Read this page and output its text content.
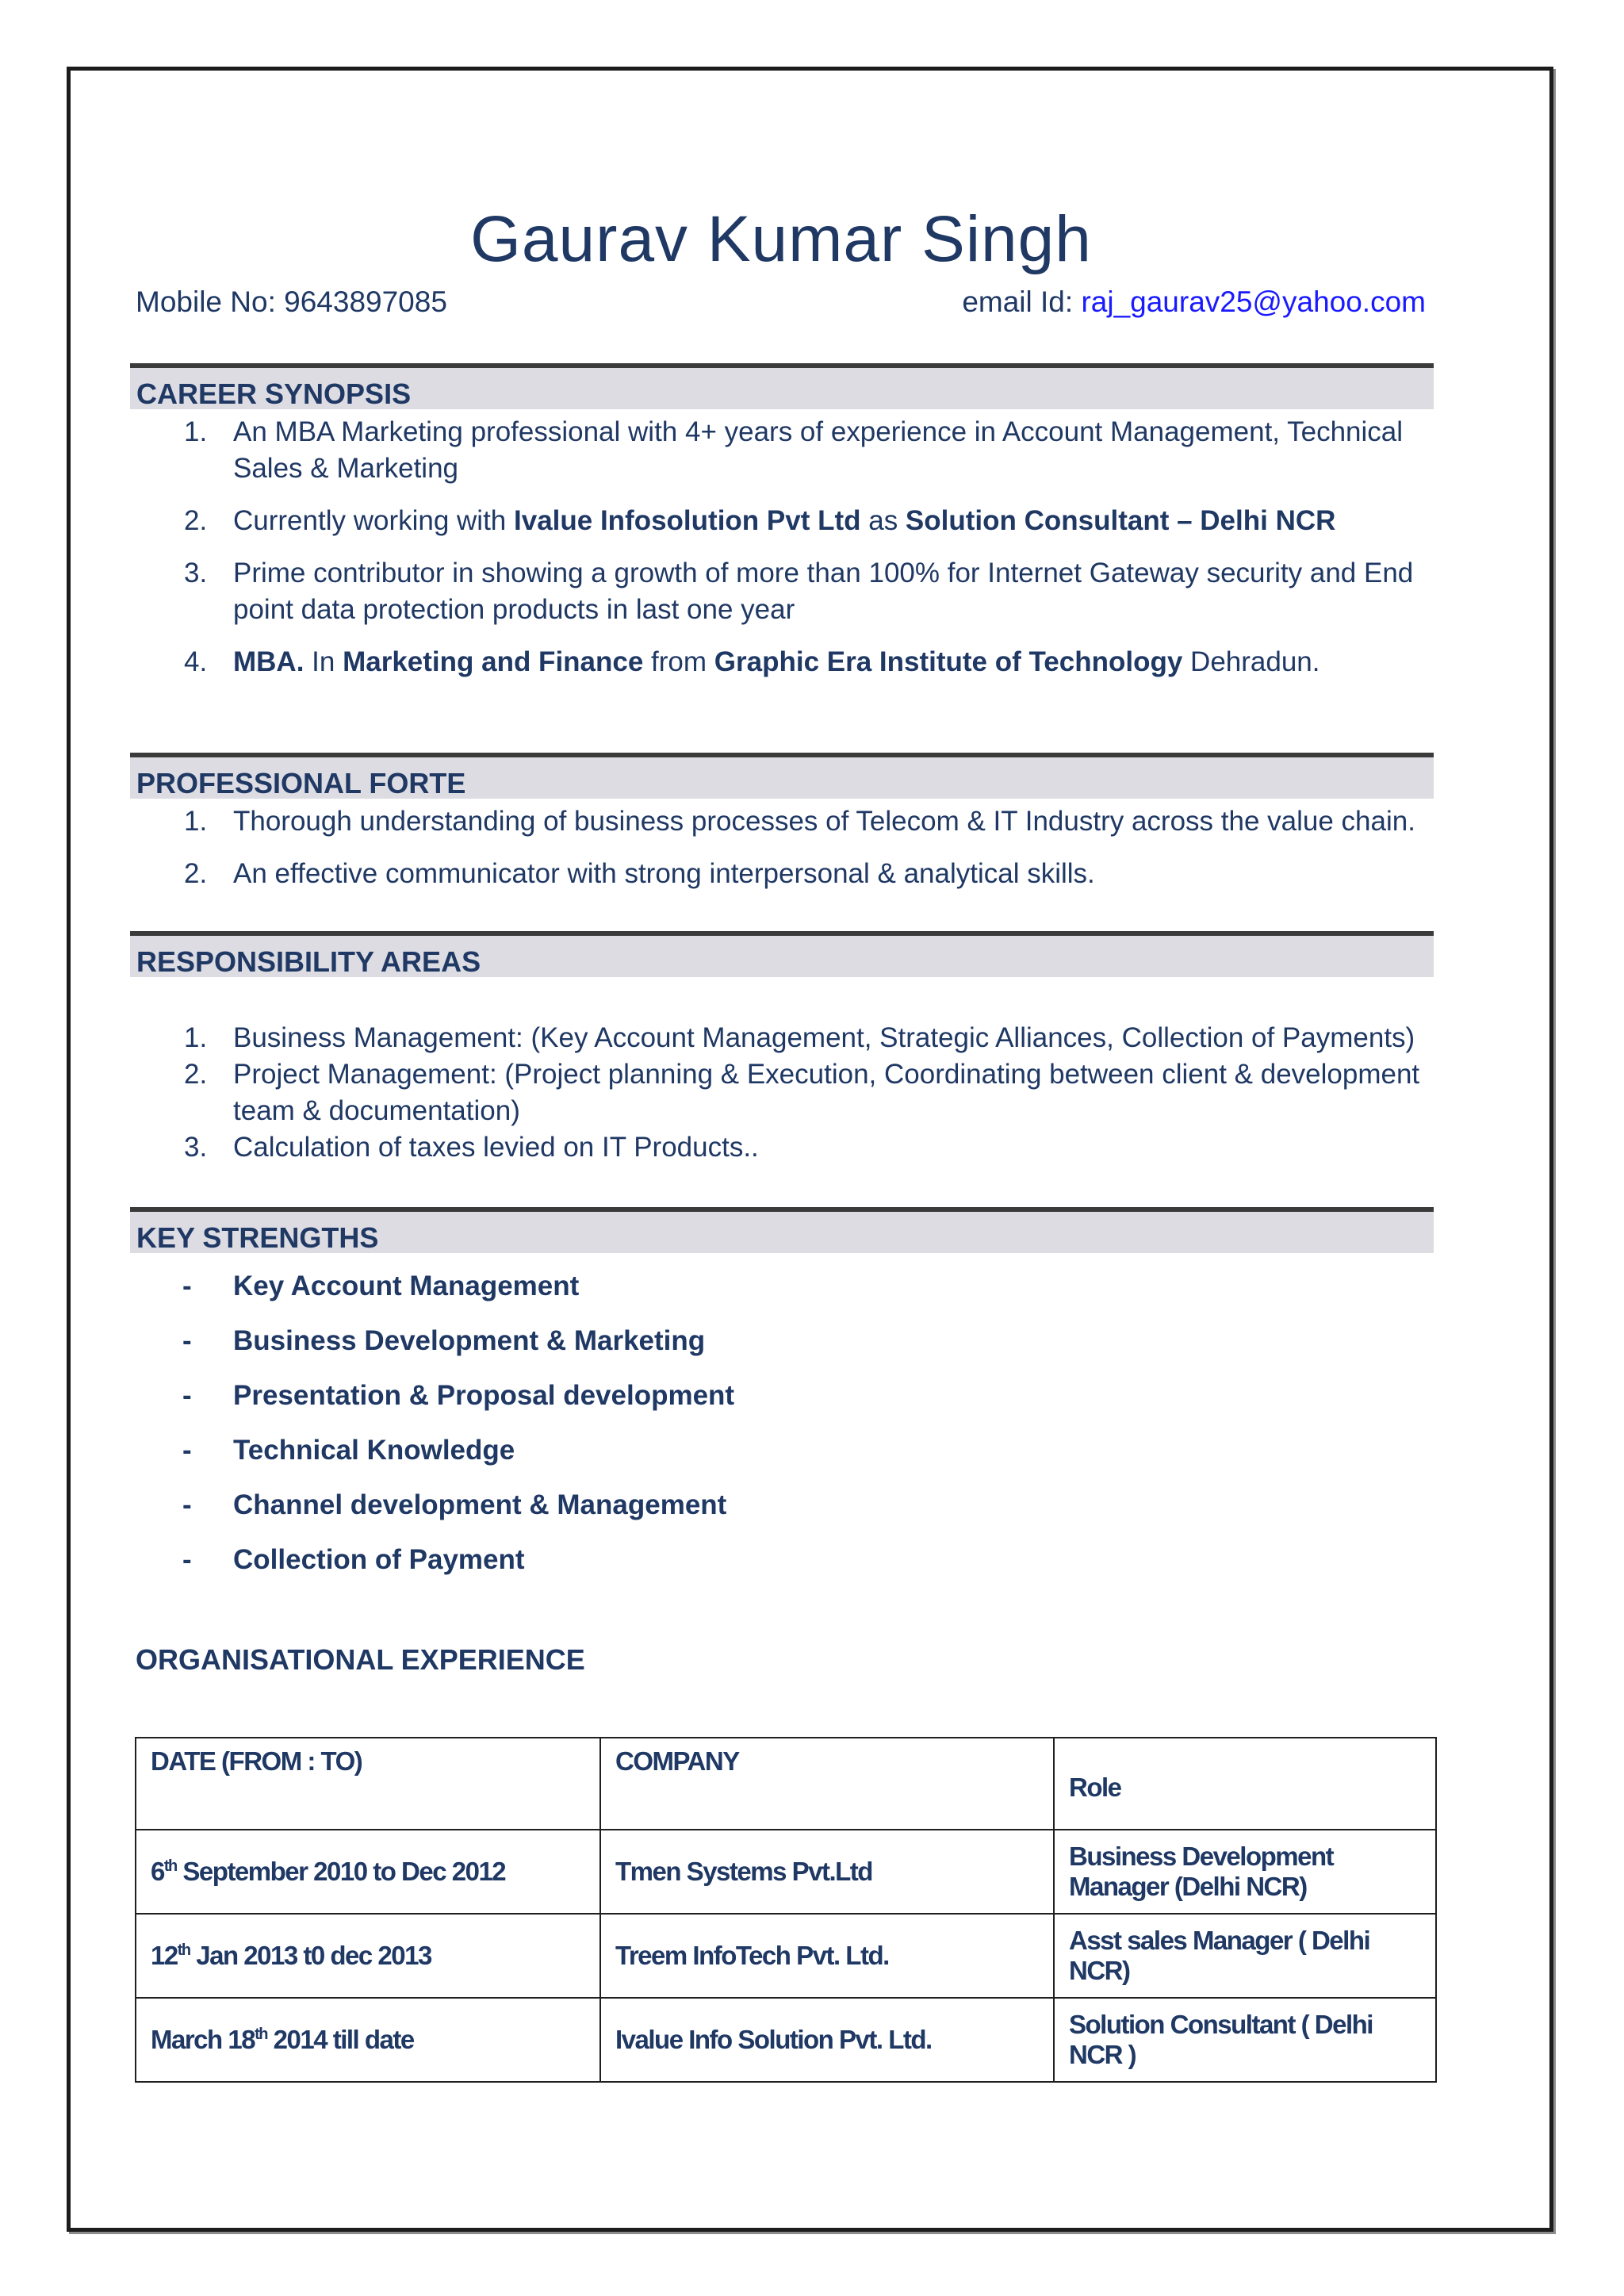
Gaurav Kumar Singh
Mobile No: 9643897085	email Id: raj_gaurav25@yahoo.com
CAREER SYNOPSIS
1. An MBA Marketing professional with 4+ years of experience in Account Management, Technical Sales & Marketing
2. Currently working with Ivalue Infosolution Pvt Ltd as Solution Consultant – Delhi NCR
3. Prime contributor in showing a growth of more than 100% for Internet Gateway security and End point data protection products in last one year
4. MBA. In Marketing and Finance from Graphic Era Institute of Technology Dehradun.
PROFESSIONAL FORTE
1. Thorough understanding of business processes of Telecom & IT Industry across the value chain.
2. An effective communicator with strong interpersonal & analytical skills.
RESPONSIBILITY AREAS
1. Business Management: (Key Account Management, Strategic Alliances, Collection of Payments)
2. Project Management: (Project planning & Execution, Coordinating between client & development team & documentation)
3. Calculation of taxes levied on IT Products..
KEY STRENGTHS
- Key Account Management
- Business Development & Marketing
- Presentation & Proposal development
- Technical Knowledge
- Channel development & Management
- Collection of Payment
ORGANISATIONAL EXPERIENCE
DATE (FROM : TO)	COMPANY	Role
6th September 2010 to Dec 2012	Tmen Systems Pvt.Ltd	Business Development Manager (Delhi NCR)
12th Jan 2013 t0 dec 2013	Treem InfoTech Pvt. Ltd.	Asst sales Manager ( Delhi NCR)
March 18th 2014 till date	Ivalue Info Solution Pvt. Ltd.	Solution Consultant ( Delhi NCR )
